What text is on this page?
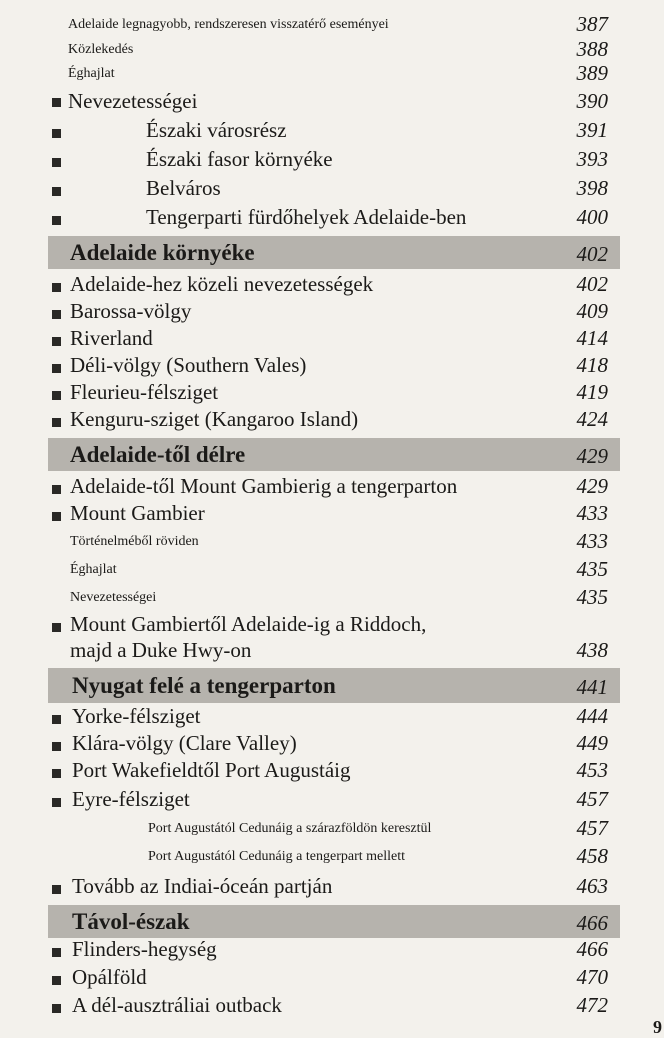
Adelaide legnagyobb, rendszeresen visszatérő eseményei	387
Közlekedés	388
Éghajlat	389
Nevezetességei	390
Északi városrész	391
Északi fasor környéke	393
Belváros	398
Tengerparti fürdőhelyek Adelaide-ben	400
Adelaide környéke	402
Adelaide-hez közeli nevezetességek	402
Barossa-völgy	409
Riverland	414
Déli-völgy (Southern Vales)	418
Fleurieu-félsziget	419
Kenguru-sziget (Kangaroo Island)	424
Adelaide-től délre	429
Adelaide-től Mount Gambierig a tengerparton	429
Mount Gambier	433
Történelméből röviden	433
Éghajlat	435
Nevezetességei	435
Mount Gambiertől Adelaide-ig a Riddoch,
majd a Duke Hwy-on	438
Nyugat felé a tengerparton	441
Yorke-félsziget	444
Klára-völgy (Clare Valley)	449
Port Wakefieldtől Port Augustáig	453
Eyre-félsziget	457
Port Augustától Cedunáig a szárazföldön keresztül	457
Port Augustától Cedunáig a tengerpart mellett	458
Tovább az Indiai-óceán partján	463
Távol-észak	466
Flinders-hegység	466
Opálföld	470
A dél-ausztráliai outback	472
9
